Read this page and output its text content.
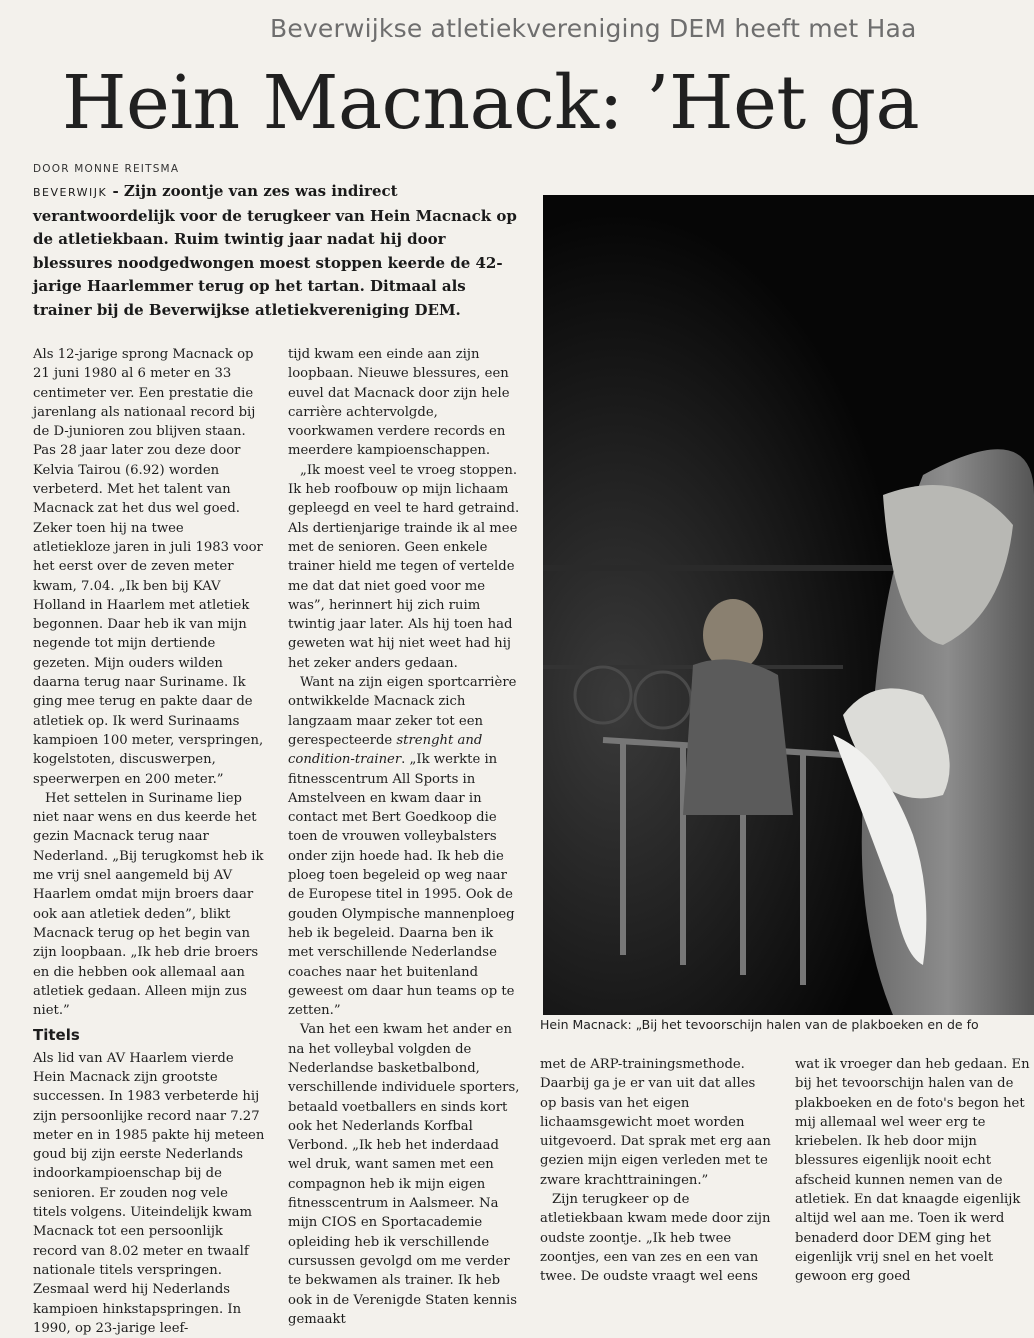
Beverwijkse atletiekvereniging DEM heeft met Haa
Hein Macnack: ’Het ga
DOOR MONNE REITSMA
BEVERWIJK - Zijn zoontje van zes was indirect verantwoordelijk voor de terugkeer van Hein Macnack op de atletiekbaan. Ruim twintig jaar nadat hij door blessures noodgedwongen moest stoppen keerde de 42-jarige Haarlemmer terug op het tartan. Ditmaal als trainer bij de Beverwijkse atletiekvereniging DEM.

Als 12-jarige sprong Macnack op 21 juni 1980 al 6 meter en 33 centimeter ver. Een prestatie die jarenlang als nationaal record bij de D-junioren zou blijven staan. Pas 28 jaar later zou deze door Kelvia Tairou (6.92) worden verbeterd. Met het talent van Macnack zat het dus wel goed. Zeker toen hij na twee atletiekloze jaren in juli 1983 voor het eerst over de zeven meter kwam, 7.04. „Ik ben bij KAV Holland in Haarlem met atletiek begonnen. Daar heb ik van mijn negende tot mijn dertiende gezeten. Mijn ouders wilden daarna terug naar Suriname. Ik ging mee terug en pakte daar de atletiek op. Ik werd Surinaams kampioen 100 meter, verspringen, kogelstoten, discuswerpen, speerwerpen en 200 meter.”

Het settelen in Suriname liep niet naar wens en dus keerde het gezin Macnack terug naar Nederland. „Bij terugkomst heb ik me vrij snel aangemeld bij AV Haarlem omdat mijn broers daar ook aan atletiek deden”, blikt Macnack terug op het begin van zijn loopbaan. „Ik heb drie broers en die hebben ook allemaal aan atletiek gedaan. Alleen mijn zus niet.”

Titels

Als lid van AV Haarlem vierde Hein Macnack zijn grootste successen. In 1983 verbeterde hij zijn persoonlijke record naar 7.27 meter en in 1985 pakte hij meteen goud bij zijn eerste Nederlands indoorkampioenschap bij de senioren. Er zouden nog vele titels volgens. Uiteindelijk kwam Macnack tot een persoonlijk record van 8.02 meter en twaalf nationale titels verspringen. Zesmaal werd hij Nederlands kampioen hinkstapspringen. In 1990, op 23-jarige leef-

tijd kwam een einde aan zijn loopbaan. Nieuwe blessures, een euvel dat Macnack door zijn hele carrière achtervolgde, voorkwamen verdere records en meerdere kampioenschappen.

„Ik moest veel te vroeg stoppen. Ik heb roofbouw op mijn lichaam gepleegd en veel te hard getraind. Als dertienjarige trainde ik al mee met de senioren. Geen enkele trainer hield me tegen of vertelde me dat dat niet goed voor me was”, herinnert hij zich ruim twintig jaar later. Als hij toen had geweten wat hij niet weet had hij het zeker anders gedaan.

Want na zijn eigen sportcarrière ontwikkelde Macnack zich langzaam maar zeker tot een gerespecteerde strenght and condition-trainer. „Ik werkte in fitnesscentrum All Sports in Amstelveen en kwam daar in contact met Bert Goedkoop die toen de vrouwen volleybalsters onder zijn hoede had. Ik heb die ploeg toen begeleid op weg naar de Europese titel in 1995. Ook de gouden Olympische mannenploeg heb ik begeleid. Daarna ben ik met verschillende Nederlandse coaches naar het buitenland geweest om daar hun teams op te zetten.”

Van het een kwam het ander en na het volleybal volgden de Nederlandse basketbalbond, verschillende individuele sporters, betaald voetballers en sinds kort ook het Nederlands Korfbal Verbond. „Ik heb het inderdaad wel druk, want samen met een compagnon heb ik mijn eigen fitnesscentrum in Aalsmeer. Na mijn CIOS en Sportacademie opleiding heb ik verschillende cursussen gevolgd om me verder te bekwamen als trainer. Ik heb ook in de Verenigde Staten kennis gemaakt

Hein Macnack: „Bij het tevoorschijn halen van de plakboeken en de fo

met de ARP-trainingsmethode. Daarbij ga je er van uit dat alles op basis van het eigen lichaamsgewicht moet worden uitgevoerd. Dat sprak met erg aan gezien mijn eigen verleden met te zware krachttrainingen.”

Zijn terugkeer op de atletiekbaan kwam mede door zijn oudste zoontje. „Ik heb twee zoontjes, een van zes en een van twee. De oudste vraagt wel eens

wat ik vroeger dan heb gedaan. En bij het tevoorschijn halen van de plakboeken en de foto's begon het mij allemaal wel weer erg te kriebelen. Ik heb door mijn blessures eigenlijk nooit echt afscheid kunnen nemen van de atletiek. En dat knaagde eigenlijk altijd wel aan me. Toen ik werd benaderd door DEM ging het eigenlijk vrij snel en het voelt gewoon erg goed
